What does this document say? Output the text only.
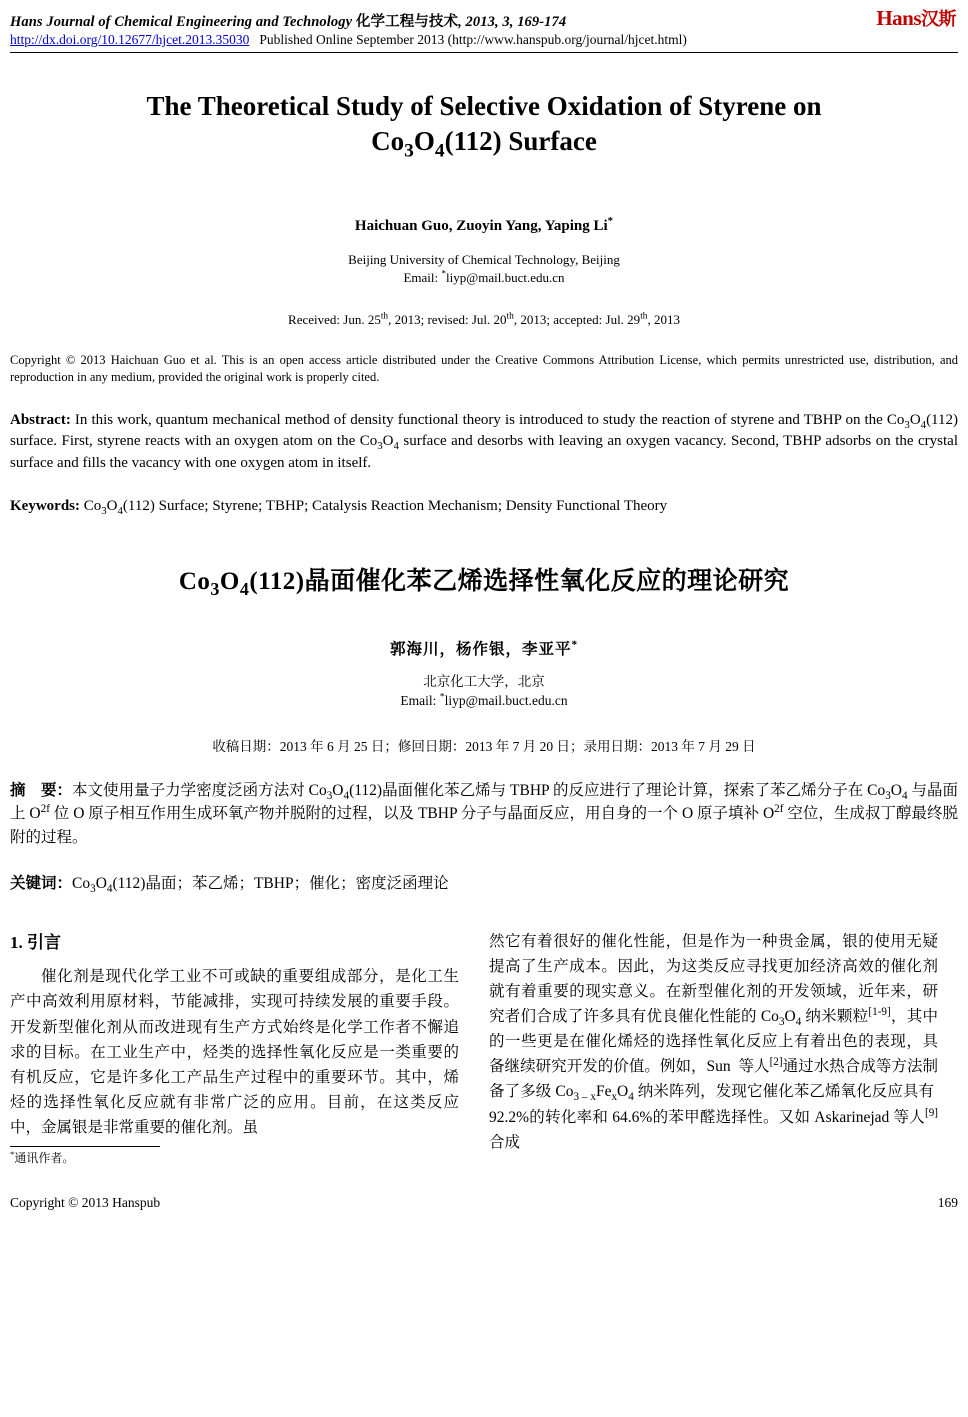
Hans Journal of Chemical Engineering and Technology 化学工程与技术, 2013, 3, 169-174	Hans汉斯
http://dx.doi.org/10.12677/hjcet.2013.35030 Published Online September 2013 (http://www.hanspub.org/journal/hjcet.html)
The Theoretical Study of Selective Oxidation of Styrene on
$Co_3O_4(112)$ Surface
Haichuan Guo, Zuoyin Yang, Yaping Li*
Beijing University of Chemical Technology, Beijing
Email: *liyp@mail.buct.edu.cn
Received: Jun. 25th, 2013; revised: Jul. 20th, 2013; accepted: Jul. 29th, 2013
Copyright © 2013 Haichuan Guo et al. This is an open access article distributed under the Creative Commons Attribution License, which permits unrestricted use, distribution, and reproduction in any medium, provided the original work is properly cited.
Abstract: In this work, quantum mechanical method of density functional theory is introduced to study the reaction of styrene and TBHP on the $Co_3O_4(112)$ surface. First, styrene reacts with an oxygen atom on the $Co_3O_4$ surface and desorbs with leaving an oxygen vacancy. Second, TBHP adsorbs on the crystal surface and fills the vacancy with one oxygen atom in itself.
Keywords: $Co_3O_4(112)$ Surface; Styrene; TBHP; Catalysis Reaction Mechanism; Density Functional Theory
$Co_3O_4(112)$晶面催化苯乙烯选择性氧化反应的理论研究
郭海川，杨作银，李亚平*
北京化工大学，北京
Email: *liyp@mail.buct.edu.cn
收稿日期：2013 年 6 月 25 日；修回日期：2013 年 7 月 20 日；录用日期：2013 年 7 月 29 日
摘　要：本文使用量子力学密度泛函方法对 $Co_3O_4(112)$晶面催化苯乙烯与 TBHP 的反应进行了理论计算，探索了苯乙烯分子在 $Co_3O_4$ 与晶面上 $O^{2f}$ 位 O 原子相互作用生成环氧产物并脱附的过程，以及 TBHP 分子与晶面反应，用自身的一个 O 原子填补 $O^{2f}$ 空位，生成叔丁醇最终脱附的过程。
关键词：$Co_3O_4(112)$晶面；苯乙烯；TBHP；催化；密度泛函理论
1. 引言

催化剂是现代化学工业不可或缺的重要组成部分，是化工生产中高效利用原材料，节能减排，实现可持续发展的重要手段。开发新型催化剂从而改进现有生产方式始终是化学工作者不懈追求的目标。在工业生产中，烃类的选择性氧化反应是一类重要的有机反应，它是许多化工产品生产过程中的重要环节。其中，烯烃的选择性氧化反应就有非常广泛的应用。目前，在这类反应中，金属银是非常重要的催化剂。虽

*通讯作者。

然它有着很好的催化性能，但是作为一种贵金属，银的使用无疑提高了生产成本。因此，为这类反应寻找更加经济高效的催化剂就有着重要的现实意义。在新型催化剂的开发领域，近年来，研究者们合成了许多具有优良催化性能的 $Co_3O_4$ 纳米颗粒[1-9]，其中的一些更是在催化烯烃的选择性氧化反应上有着出色的表现，具备继续研究开发的价值。例如，Sun  等人[2]通过水热合成等方法制备了多级 $Co_{3 - x}Fe_xO_4$ 纳米阵列，发现它催化苯乙烯氧化反应具有  92.2%的转化率和 64.6%的苯甲醛选择性。又如 Askarinejad 等人[9]合成

Copyright © 2013 Hanspub	169
